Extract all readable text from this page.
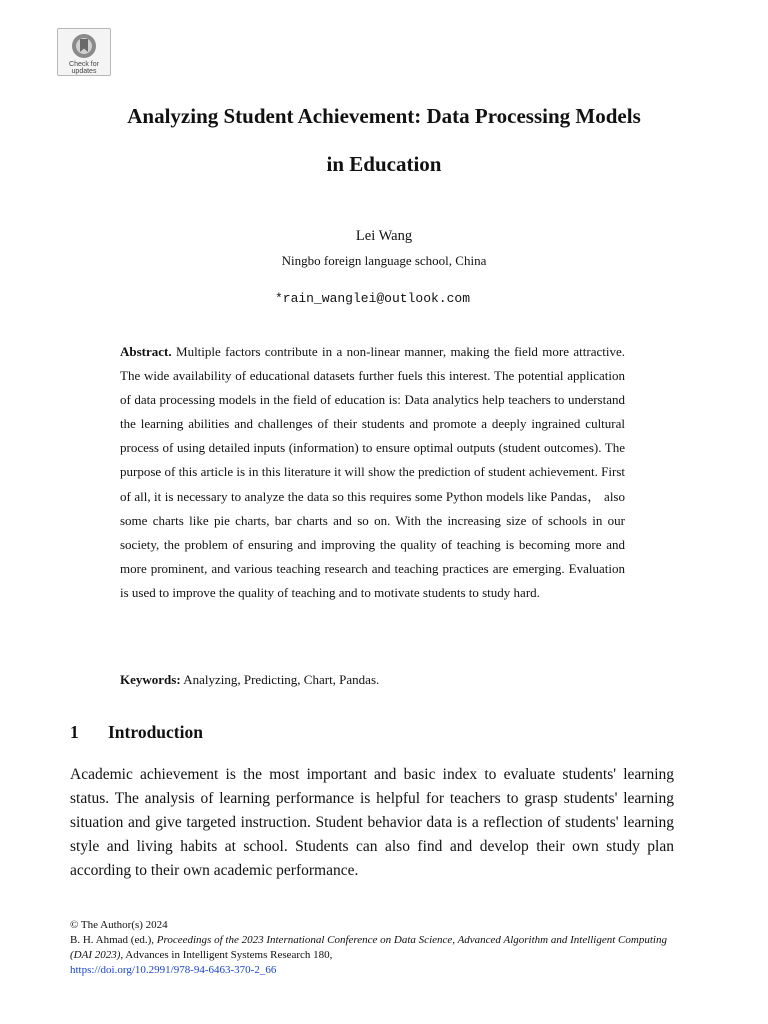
Check for
updates
Analyzing Student Achievement: Data Processing Models
in Education
Lei Wang
Ningbo foreign language school, China
*rain_wanglei@outlook.com

Abstract. Multiple factors contribute in a non-linear manner, making the field more attractive. The wide availability of educational datasets further fuels this interest. The potential application of data processing models in the field of education is: Data analytics help teachers to understand the learning abilities and challenges of their students and promote a deeply ingrained cultural process of using detailed inputs (information) to ensure optimal outputs (student outcomes). The purpose of this article is in this literature it will show the prediction of student achievement. First of all, it is necessary to analyze the data so this requires some Python models like Pandas， also some charts like pie charts, bar charts and so on. With the increasing size of schools in our society, the problem of ensuring and improving the quality of teaching is becoming more and more prominent, and various teaching research and teaching practices are emerging. Evaluation is used to improve the quality of teaching and to motivate students to study hard.

Keywords: Analyzing, Predicting, Chart, Pandas.

1 Introduction

Academic achievement is the most important and basic index to evaluate students' learning status. The analysis of learning performance is helpful for teachers to grasp students' learning situation and give targeted instruction. Student behavior data is a reflection of students' learning style and living habits at school. Students can also find and develop their own study plan according to their own academic performance.

© The Author(s) 2024
B. H. Ahmad (ed.), Proceedings of the 2023 International Conference on Data Science, Advanced Algorithm and Intelligent Computing (DAI 2023), Advances in Intelligent Systems Research 180,
https://doi.org/10.2991/978-94-6463-370-2_66
